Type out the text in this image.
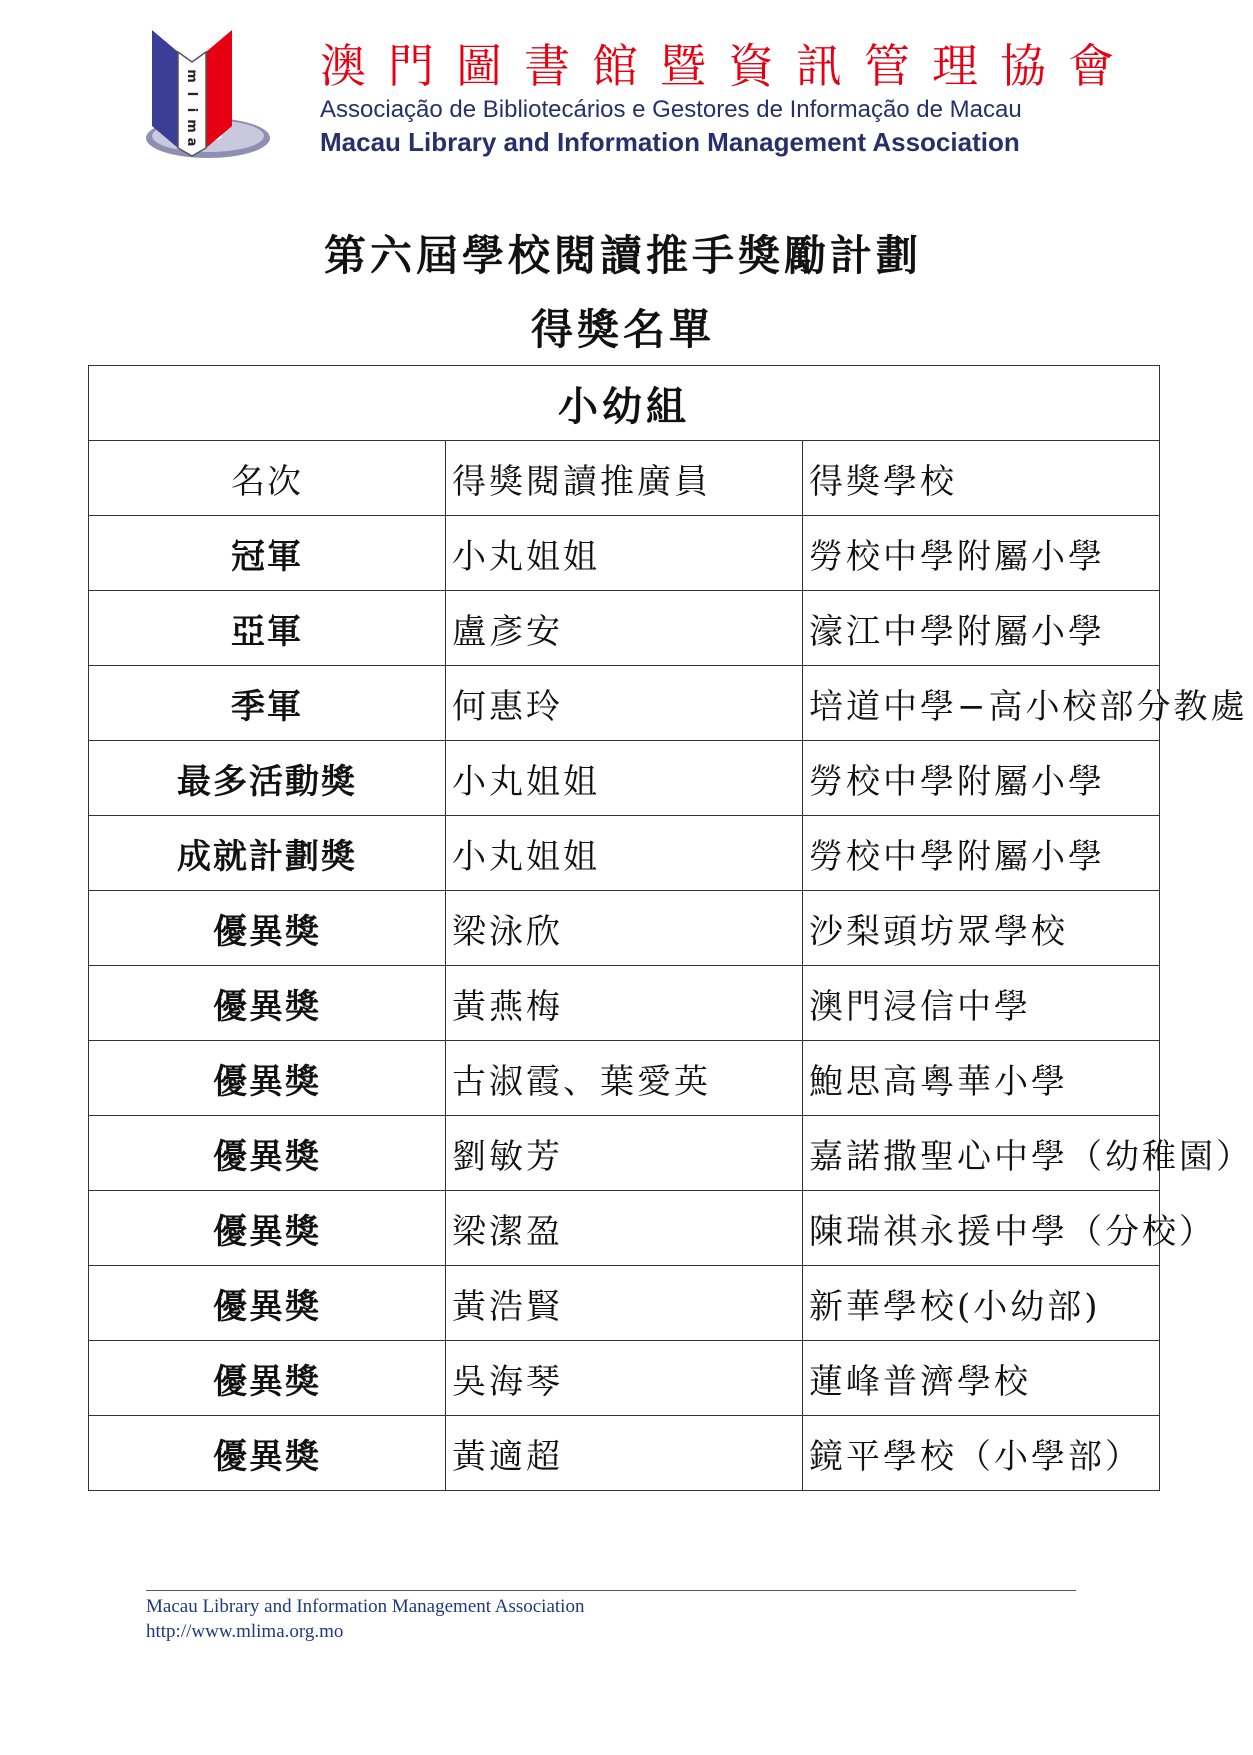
m
l
i
m
a
澳門圖書館暨資訊管理協會
Associação de Bibliotecários e Gestores de Informação de Macau
Macau Library and Information Management Association
第六屆學校閱讀推手獎勵計劃
得獎名單
小幼組		
名次	得獎閱讀推廣員	得獎學校
冠軍	小丸姐姐	勞校中學附屬小學
亞軍	盧彥安	濠江中學附屬小學
季軍	何惠玲	培道中學−高小校部分教處
最多活動獎	小丸姐姐	勞校中學附屬小學
成就計劃獎	小丸姐姐	勞校中學附屬小學
優異獎	梁泳欣	沙梨頭坊眾學校
優異獎	黃燕梅	澳門浸信中學
優異獎	古淑霞、葉愛英	鮑思高粵華小學
優異獎	劉敏芳	嘉諾撒聖心中學（幼稚園）
優異獎	梁潔盈	陳瑞祺永援中學（分校）
優異獎	黃浩賢	新華學校(小幼部)
優異獎	吳海琴	蓮峰普濟學校
優異獎	黃適超	鏡平學校（小學部）
Macau Library and Information Management Association
http://www.mlima.org.mo
